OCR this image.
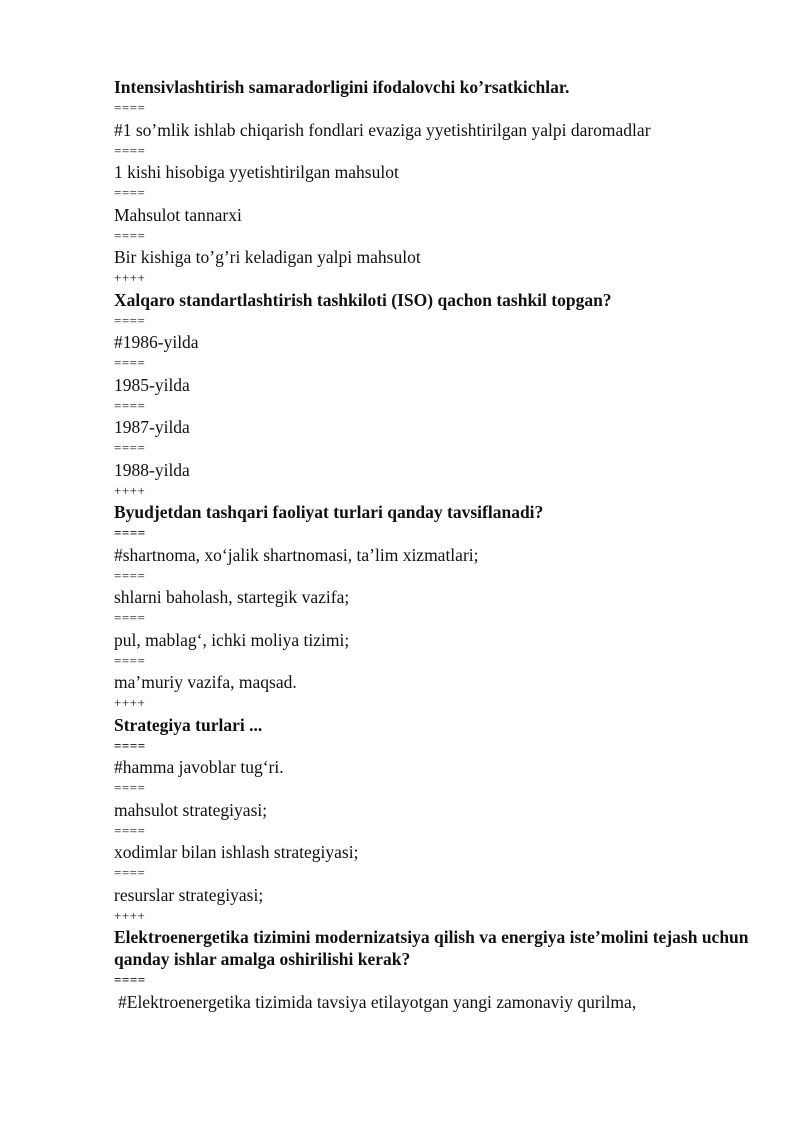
Intensivlashtirish samaradorligini ifodalovchi ko’rsatkichlar.

====

#1 so’mlik ishlab chiqarish fondlari evaziga yyetishtirilgan yalpi daromadlar

====

1 kishi hisobiga yyetishtirilgan mahsulot

====

Mahsulot tannarxi

====

Bir kishiga to’g’ri keladigan yalpi mahsulot

++++

Xalqaro standartlashtirish tashkiloti (ISO) qachon tashkil topgan?

====

#1986-yilda

====

1985-yilda

====

1987-yilda

====

1988-yilda

++++

Byudjetdan tashqari faoliyat turlari qanday tavsiflanadi?

====

#shartnoma, xo‘jalik shartnomasi, ta’lim xizmatlari;

====

shlarni baholash, startegik vazifa;

====

pul, mablag‘, ichki moliya tizimi;

====

ma’muriy vazifa, maqsad.

++++

Strategiya turlari ...

====

#hamma javoblar tug‘ri.

====

mahsulot strategiyasi;

====

xodimlar bilan ishlash strategiyasi;

====

resurslar strategiyasi;

++++

Elektroenergetika tizimini modernizatsiya qilish va energiya iste’molini tejash uchun qanday ishlar amalga oshirilishi kerak?

====

#Elektroenergetika tizimida tavsiya etilayotgan yangi zamonaviy qurilma,
